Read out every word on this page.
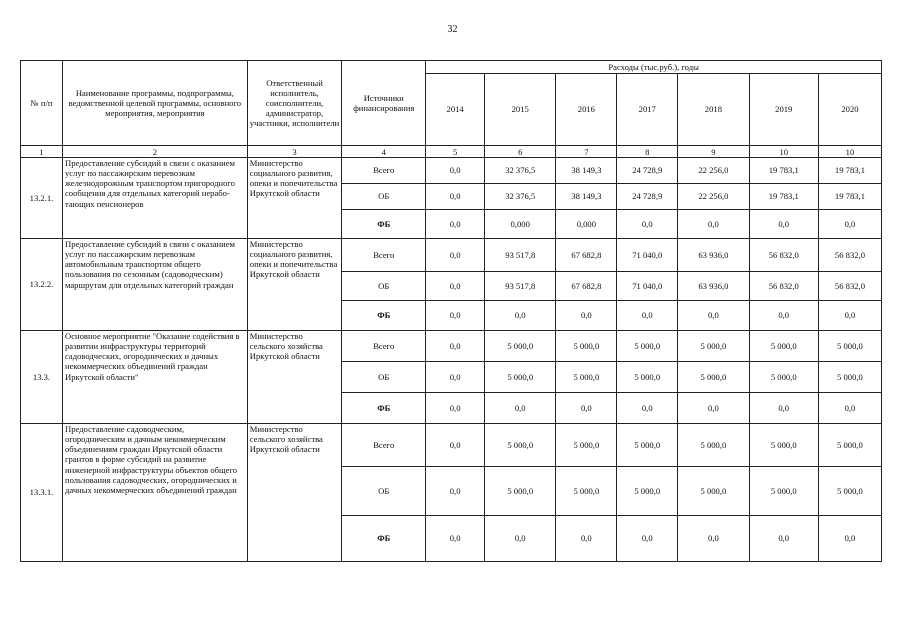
32
№ п/п	Наименование программы, подпрограммы, ведомственной целевой программы, основного мероприятия, мероприятия	Ответственный исполнитель, соисполнители, администратор, участники, исполнители	Источники финансирования	Расходы (тыс.руб.), годы						
				2014	2015	2016	2017	2018	2019	2020
1	2	3	4	5	6	7	8	9	10	10
13.2.1.	Предоставление субсидий в связи с оказанием услуг по пассажирским перевозкам железнодорожным транспортом пригородного сообщения для отдельных категорий неработающих пенсионеров	Министерство социального развития, опеки и попечительства Иркутской области	Всего	0,0	32 376,5	38 149,3	24 728,9	22 256,0	19 783,1	19 783,1
			ОБ	0,0	32 376,5	38 149,3	24 728,9	22 256,0	19 783,1	19 783,1
			ФБ	0,0	0,000	0,000	0,0	0,0	0,0	0,0
13.2.2.	Предоставление субсидий в связи с оказанием услуг по пассажирским перевозкам автомобильным транспортом общего пользования по сезонным (садоводческим) маршрутам для отдельных категорий граждан	Министерство социального развития, опеки и попечительства Иркутской области	Всего	0,0	93 517,8	67 682,8	71 040,0	63 936,0	56 832,0	56 832,0
			ОБ	0,0	93 517,8	67 682,8	71 040,0	63 936,0	56 832,0	56 832,0
			ФБ	0,0	0,0	0,0	0,0	0,0	0,0	0,0
13.3.	Основное мероприятие "Оказание содействия в развитии инфраструктуры территорий садоводческих, огороднических и дачных некоммерческих объединений граждан Иркутской области"	Министерство сельского хозяйства Иркутской области	Всего	0,0	5 000,0	5 000,0	5 000,0	5 000,0	5 000,0	5 000,0
			ОБ	0,0	5 000,0	5 000,0	5 000,0	5 000,0	5 000,0	5 000,0
			ФБ	0,0	0,0	0,0	0,0	0,0	0,0	0,0
13.3.1.	Предоставление садоводческим, огородническим и дачным некоммерческим объединениям граждан Иркутской области грантов в форме субсидий на развитие инженерной инфраструктуры объектов общего пользования садоводческих, огороднических и дачных некоммерческих объединений граждан	Министерство сельского хозяйства Иркутской области	Всего	0,0	5 000,0	5 000,0	5 000,0	5 000,0	5 000,0	5 000,0
			ОБ	0,0	5 000,0	5 000,0	5 000,0	5 000,0	5 000,0	5 000,0
			ФБ	0,0	0,0	0,0	0,0	0,0	0,0	0,0
